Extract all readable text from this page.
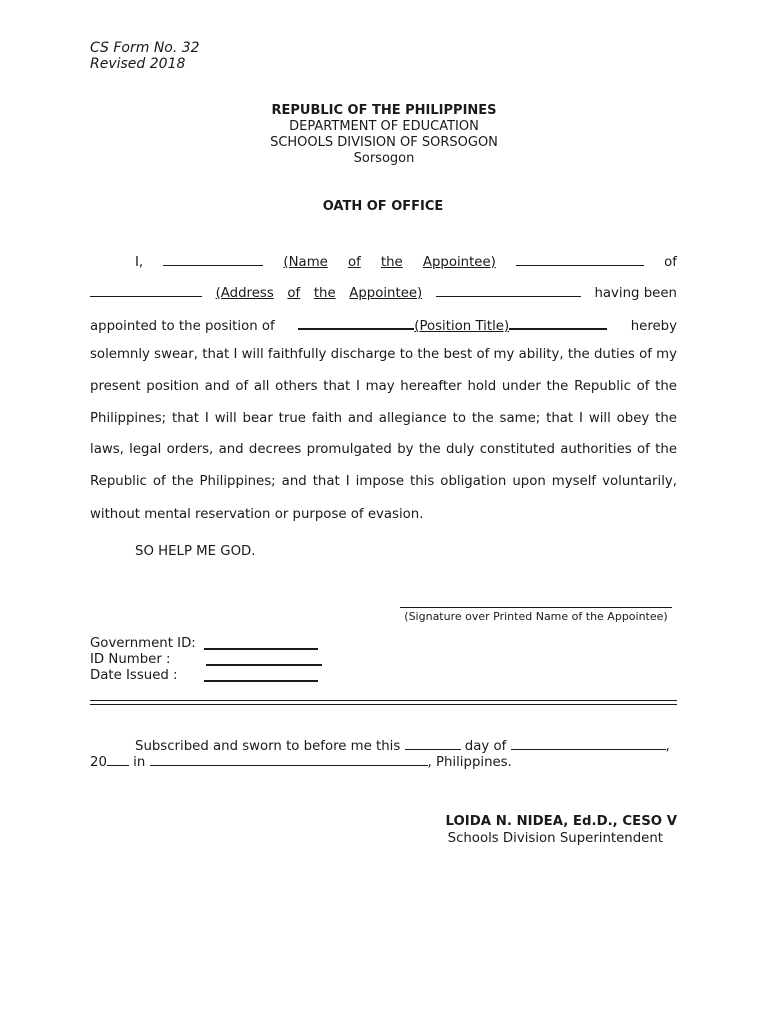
CS Form No. 32
Revised 2018
REPUBLIC OF THE PHILIPPINES
DEPARTMENT OF EDUCATION
SCHOOLS DIVISION OF SORSOGON
Sorsogon
OATH OF OFFICE
I,	(Name of the Appointee)	of
(Address of the Appointee)	having been
appointed to the position of	(Position Title)	hereby
solemnly swear, that I will faithfully discharge to the best of my ability, the duties of my
present position and of all others that I may hereafter hold under the Republic of the
Philippines; that I will bear true faith and allegiance to the same; that I will obey the
laws, legal orders, and decrees promulgated by the duly constituted authorities of the
Republic of the Philippines; and that I impose this obligation upon myself voluntarily,
without mental reservation or purpose of evasion.
SO HELP ME GOD.
(Signature over Printed Name of the Appointee)
Government ID:
ID Number :
Date Issued :
Subscribed and sworn to before me this	day of	,
20 in	, Philippines.
LOIDA N. NIDEA, Ed.D., CESO V
Schools Division Superintendent
